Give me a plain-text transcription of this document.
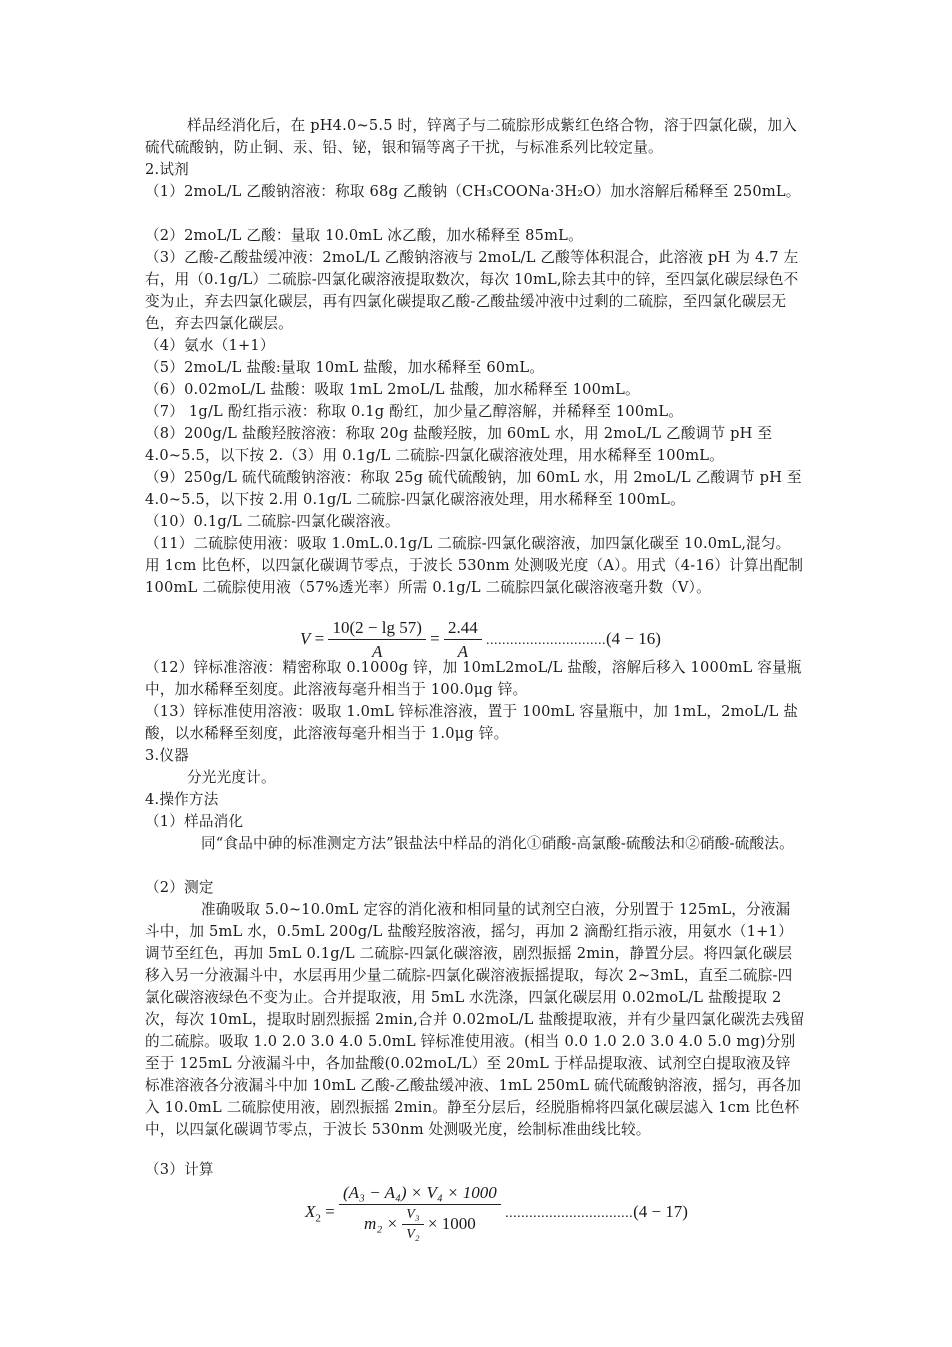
样品经消化后，在 pH4.0~5.5 时，锌离子与二硫腙形成紫红色络合物，溶于四氯化碳，加入硫代硫酸钠，防止铜、汞、铅、铋，银和镉等离子干扰，与标准系列比较定量。

2.试剂

（1）2moL/L 乙酸钠溶液：称取 68g 乙酸钠（CH₃COONa·3H₂O）加水溶解后稀释至 250mL。

（2）2moL/L 乙酸：量取 10.0mL 冰乙酸，加水稀释至 85mL。

（3）乙酸-乙酸盐缓冲液：2moL/L 乙酸钠溶液与 2moL/L 乙酸等体积混合，此溶液 pH 为 4.7 左右，用（0.1g/L）二硫腙-四氯化碳溶液提取数次，每次 10mL,除去其中的锌，至四氯化碳层绿色不变为止，弃去四氯化碳层，再有四氯化碳提取乙酸-乙酸盐缓冲液中过剩的二硫腙，至四氯化碳层无色，弃去四氯化碳层。

（4）氨水（1+1）

（5）2moL/L 盐酸:量取 10mL 盐酸，加水稀释至 60mL。

（6）0.02moL/L 盐酸：吸取 1mL 2moL/L 盐酸，加水稀释至 100mL。

（7） 1g/L 酚红指示液：称取 0.1g 酚红，加少量乙醇溶解，并稀释至 100mL。

（8）200g/L 盐酸羟胺溶液：称取 20g 盐酸羟胺，加 60mL 水，用 2moL/L 乙酸调节 pH 至 4.0~5.5，以下按 2.（3）用 0.1g/L 二硫腙-四氯化碳溶液处理，用水稀释至 100mL。

（9）250g/L 硫代硫酸钠溶液：称取 25g 硫代硫酸钠，加 60mL 水，用 2moL/L 乙酸调节 pH 至 4.0~5.5，以下按 2.用 0.1g/L 二硫腙-四氯化碳溶液处理，用水稀释至 100mL。

（10）0.1g/L 二硫腙-四氯化碳溶液。

（11）二硫腙使用液：吸取 1.0mL.0.1g/L 二硫腙-四氯化碳溶液，加四氯化碳至 10.0mL,混匀。用 1cm 比色杯，以四氯化碳调节零点，于波长 530nm 处测吸光度（A）。用式（4-16）计算出配制 100mL 二硫腙使用液（57%透光率）所需 0.1g/L 二硫腙四氯化碳溶液毫升数（V）。

$V = \frac{10(2 - \lg 57)}{A} = \frac{2.44}{A} ..............................(4 - 16)$

（12）锌标准溶液：精密称取 0.1000g 锌，加 10mL2moL/L 盐酸，溶解后移入 1000mL 容量瓶中，加水稀释至刻度。此溶液每毫升相当于 100.0μg 锌。

（13）锌标准使用溶液：吸取 1.0mL 锌标准溶液，置于 100mL 容量瓶中，加 1mL，2moL/L 盐酸，以水稀释至刻度，此溶液每毫升相当于 1.0μg 锌。

3.仪器

分光光度计。

4.操作方法

（1）样品消化

同“食品中砷的标准测定方法”银盐法中样品的消化①硝酸-高氯酸-硫酸法和②硝酸-硫酸法。

（2）测定

准确吸取 5.0~10.0mL 定容的消化液和相同量的试剂空白液，分别置于 125mL，分液漏斗中，加 5mL 水，0.5mL 200g/L 盐酸羟胺溶液，摇匀，再加 2 滴酚红指示液，用氨水（1+1）调节至红色，再加 5mL 0.1g/L 二硫腙-四氯化碳溶液，剧烈振摇 2min，静置分层。将四氯化碳层移入另一分液漏斗中，水层再用少量二硫腙-四氯化碳溶液振摇提取，每次 2~3mL，直至二硫腙-四氯化碳溶液绿色不变为止。合并提取液，用 5mL 水洗涤，四氯化碳层用 0.02moL/L 盐酸提取 2 次，每次 10mL，提取时剧烈振摇 2min,合并 0.02moL/L 盐酸提取液，并有少量四氯化碳洗去残留的二硫腙。吸取 1.0 2.0 3.0 4.0 5.0mL 锌标准使用液。(相当 0.0 1.0 2.0 3.0 4.0 5.0 mg)分别至于 125mL 分液漏斗中，各加盐酸(0.02moL/L）至 20mL 于样品提取液、试剂空白提取液及锌标准溶液各分液漏斗中加 10mL 乙酸-乙酸盐缓冲液、1mL 250mL 硫代硫酸钠溶液，摇匀，再各加入 10.0mL 二硫腙使用液，剧烈振摇 2min。静至分层后，经脱脂棉将四氯化碳层滤入 1cm 比色杯中，以四氯化碳调节零点，于波长 530nm 处测吸光度，绘制标准曲线比较。

（3）计算

$X_2$ =
(A₃ − A₄) × V₄ × 1000
$m_2 \times \frac{\text{V₃}}{\text{V₂}} \times 1000$
................................(4 − 17)
